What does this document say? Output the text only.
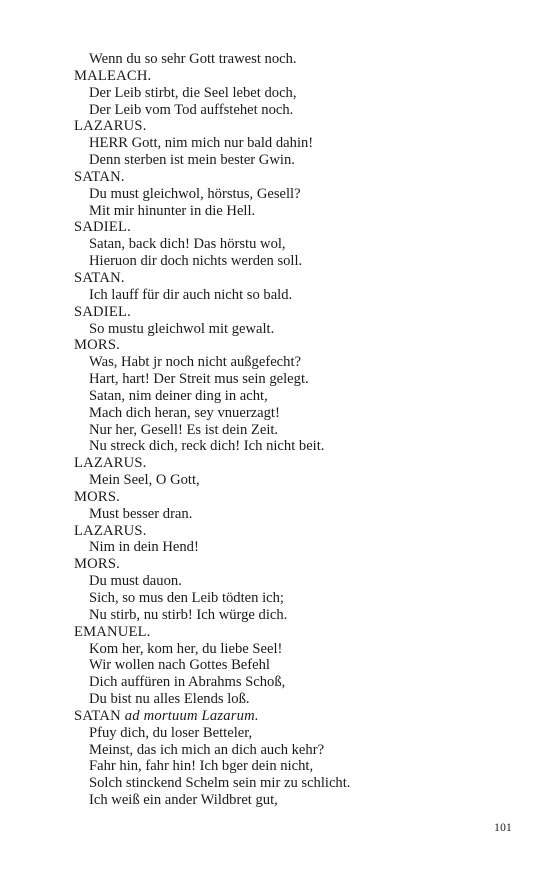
Wenn du so sehr Gott trawest noch.
MALEACH.
Der Leib stirbt, die Seel lebet doch,
Der Leib vom Tod auffstehet noch.
LAZARUS.
HERR Gott, nim mich nur bald dahin!
Denn sterben ist mein bester Gwin.
SATAN.
Du must gleichwol, hörstus, Gesell?
Mit mir hinunter in die Hell.
SADIEL.
Satan, back dich! Das hörstu wol,
Hieruon dir doch nichts werden soll.
SATAN.
Ich lauff für dir auch nicht so bald.
SADIEL.
So mustu gleichwol mit gewalt.
MORS.
Was, Habt jr noch nicht außgefecht?
Hart, hart! Der Streit mus sein gelegt.
Satan, nim deiner ding in acht,
Mach dich heran, sey vnuerzagt!
Nur her, Gesell! Es ist dein Zeit.
Nu streck dich, reck dich! Ich nicht beit.
LAZARUS.
Mein Seel, O Gott,
MORS.
Must besser dran.
LAZARUS.
Nim in dein Hend!
MORS.
Du must dauon.
Sich, so mus den Leib tödten ich;
Nu stirb, nu stirb! Ich würge dich.
EMANUEL.
Kom her, kom her, du liebe Seel!
Wir wollen nach Gottes Befehl
Dich auffüren in Abrahms Schoß,
Du bist nu alles Elends loß.
SATAN ad mortuum Lazarum.
Pfuy dich, du loser Betteler,
Meinst, das ich mich an dich auch kehr?
Fahr hin, fahr hin! Ich bger dein nicht,
Solch stinckend Schelm sein mir zu schlicht.
Ich weiß ein ander Wildbret gut,
101
